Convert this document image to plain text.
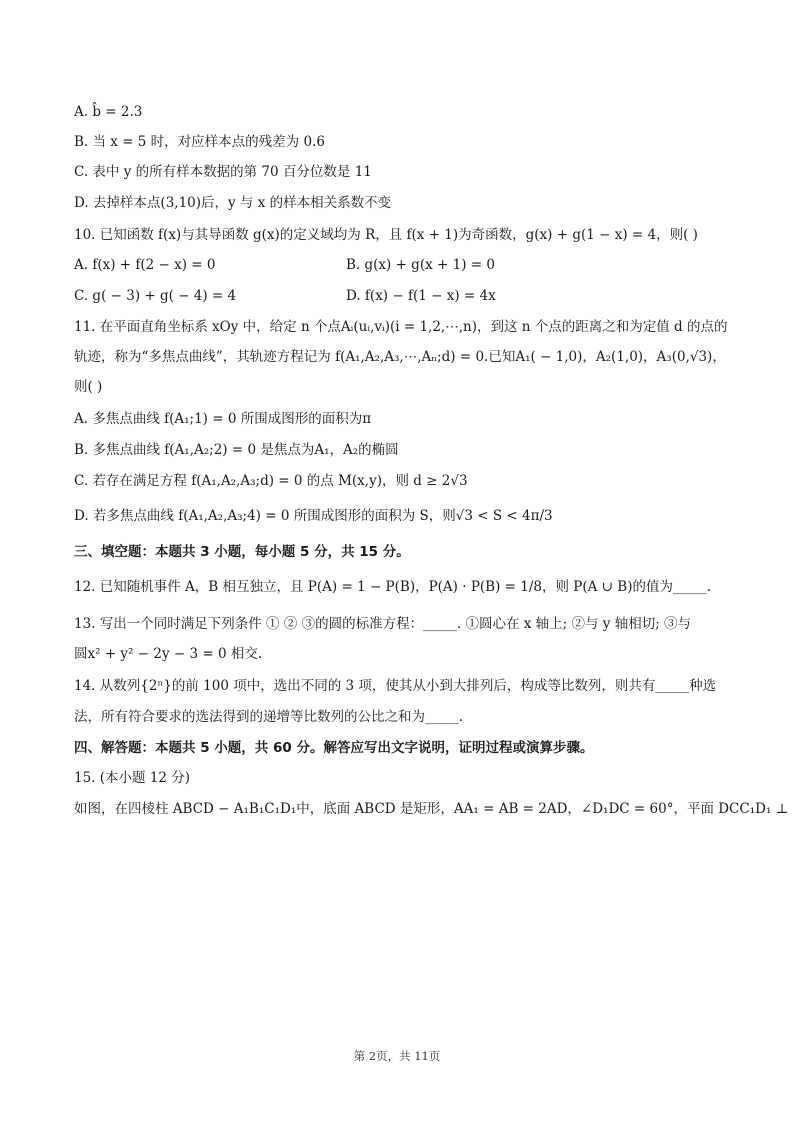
A. b̂ = 2.3
B. 当 x = 5 时，对应样本点的残差为 0.6
C. 表中 y 的所有样本数据的第 70 百分位数是 11
D. 去掉样本点(3,10)后，y 与 x 的样本相关系数不变
10. 已知函数 f(x)与其导函数 g(x)的定义域均为 R，且 f(x + 1)为奇函数，g(x) + g(1 − x) = 4，则( )
A. f(x) + f(2 − x) = 0	B. g(x) + g(x + 1) = 0
C. g( − 3) + g( − 4) = 4	D. f(x) − f(1 − x) = 4x
11. 在平面直角坐标系 xOy 中，给定 n 个点Aᵢ(uᵢ,vᵢ)(i = 1,2,⋯,n)，到这 n 个点的距离之和为定值 d 的点的
轨迹，称为“多焦点曲线”，其轨迹方程记为 f(A₁,A₂,A₃,⋯,Aₙ;d) = 0.已知A₁( − 1,0)，A₂(1,0)，A₃(0,√3)，
则( )
A. 多焦点曲线 f(A₁;1) = 0 所围成图形的面积为π
B. 多焦点曲线 f(A₁,A₂;2) = 0 是焦点为A₁，A₂的椭圆
C. 若存在满足方程 f(A₁,A₂,A₃;d) = 0 的点 M(x,y)，则 d ≥ 2√3
D. 若多焦点曲线 f(A₁,A₂,A₃;4) = 0 所围成图形的面积为 S，则√3 < S < 4π/3
三、填空题：本题共 3 小题，每小题 5 分，共 15 分。
12. 已知随机事件 A，B 相互独立，且 P(A) = 1 − P(B)，P(A) · P(B) = 1/8，则 P(A ∪ B)的值为_____.
13. 写出一个同时满足下列条件 ① ② ③的圆的标准方程：_____. ①圆心在 x 轴上; ②与 y 轴相切; ③与
圆x² + y² − 2y − 3 = 0 相交.
14. 从数列{2ⁿ}的前 100 项中，选出不同的 3 项，使其从小到大排列后，构成等比数列，则共有_____种选
法，所有符合要求的选法得到的递增等比数列的公比之和为_____.
四、解答题：本题共 5 小题，共 60 分。解答应写出文字说明，证明过程或演算步骤。
15. (本小题 12 分)
如图，在四棱柱 ABCD − A₁B₁C₁D₁中，底面 ABCD 是矩形，AA₁ = AB = 2AD，∠D₁DC = 60°，平面 DCC₁D₁ ⊥
第 2页，共 11页
